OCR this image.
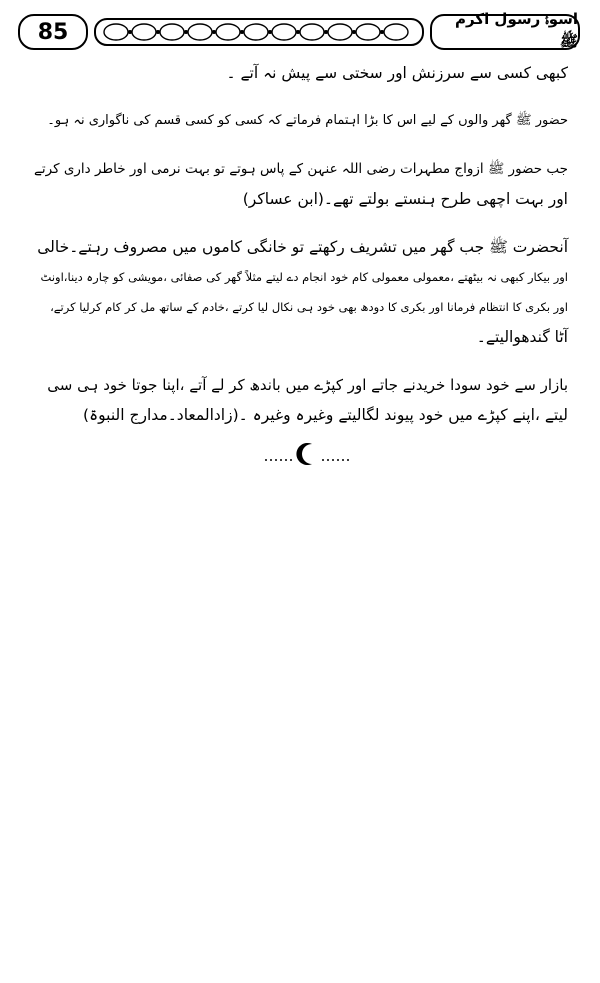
85
اسوۂ رسول اکرم ﷺ

کبھی کسی سے سرزنش اور سختی سے پیش نہ آتے ۔

حضور ﷺ گھر والوں کے لیے اس کا بڑا اہتمام فرماتے کہ کسی کو کسی قسم کی ناگواری نہ ہو۔

جب حضور ﷺ ازواج مطہرات رضی اللہ عنہن کے پاس ہوتے تو بہت نرمی اور خاطر داری کرتے
اور بہت اچھی طرح ہنستے بولتے تھے۔(ابن عساکر)

آنحضرت ﷺ جب گھر میں تشریف رکھتے تو خانگی کاموں میں مصروف رہتے۔خالی
اور بیکار کبھی نہ بیٹھتے ،معمولی معمولی کام خود انجام دے لیتے مثلاً گھر کی صفائی ،مویشی کو چارہ دینا،اونٹ
اور بکری کا انتظام فرمانا اور بکری کا دودھ بھی خود ہی نکال لیا کرتے ،خادم کے ساتھ مل کر کام کرلیا کرتے،
آٹا گندھوالیتے۔

بازار سے خود سودا خریدنے جاتے اور کپڑے میں باندھ کر لے آتے ،اپنا جوتا خود ہی سی
لیتے ،اپنے کپڑے میں خود پیوند لگالیتے وغیرہ وغیرہ ۔(زادالمعاد۔مدارج النبوۃ)
